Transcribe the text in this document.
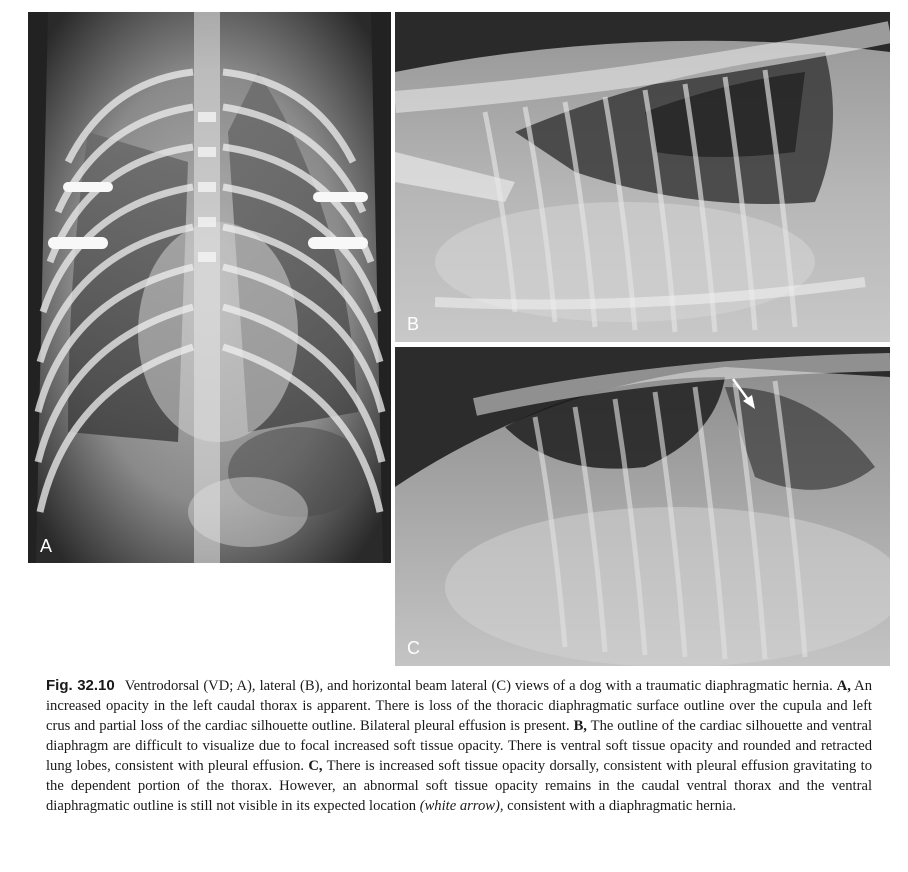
A
B
C
Fig. 32.10 Ventrodorsal (VD; A), lateral (B), and horizontal beam lateral (C) views of a dog with a traumatic diaphragmatic hernia. A, An increased opacity in the left caudal thorax is apparent. There is loss of the thoracic diaphragmatic surface outline over the cupula and left crus and partial loss of the cardiac silhouette outline. Bilateral pleural effusion is present. B, The outline of the cardiac silhouette and ventral diaphragm are difficult to visualize due to focal increased soft tissue opacity. There is ventral soft tissue opacity and rounded and retracted lung lobes, consistent with pleural effusion. C, There is increased soft tissue opacity dorsally, consistent with pleural effusion gravitating to the dependent portion of the thorax. However, an abnormal soft tissue opacity remains in the caudal ventral thorax and the ventral diaphragmatic outline is still not visible in its expected location (white arrow), consistent with a diaphragmatic hernia.
